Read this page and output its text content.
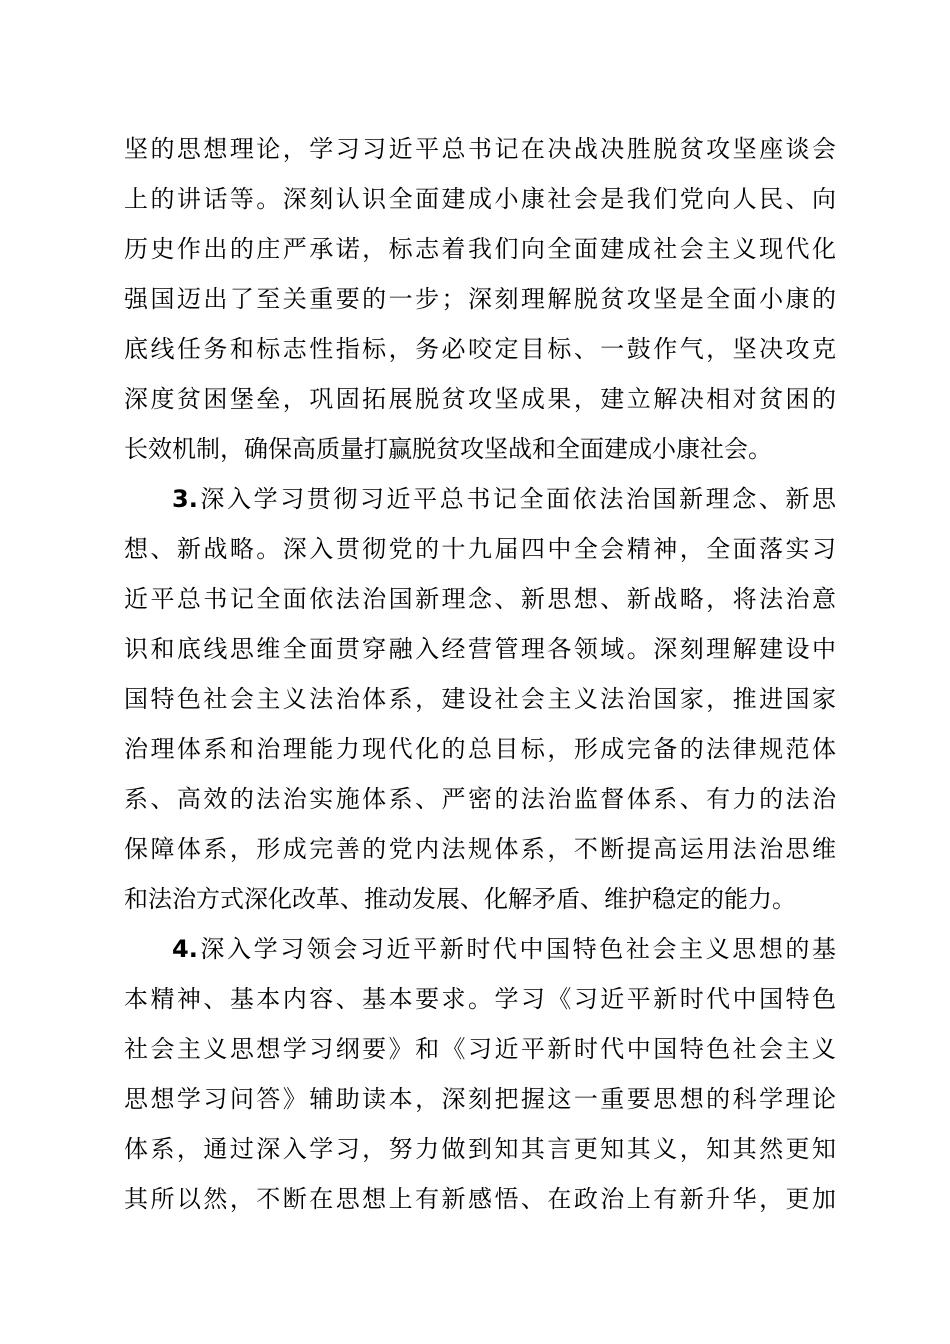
坚的思想理论，学习习近平总书记在决战决胜脱贫攻坚座谈会
上的讲话等。深刻认识全面建成小康社会是我们党向人民、向
历史作出的庄严承诺，标志着我们向全面建成社会主义现代化
强国迈出了至关重要的一步；深刻理解脱贫攻坚是全面小康的
底线任务和标志性指标，务必咬定目标、一鼓作气，坚决攻克
深度贫困堡垒，巩固拓展脱贫攻坚成果，建立解决相对贫困的
长效机制，确保高质量打赢脱贫攻坚战和全面建成小康社会。
3.深入学习贯彻习近平总书记全面依法治国新理念、新思
想、新战略。深入贯彻党的十九届四中全会精神，全面落实习
近平总书记全面依法治国新理念、新思想、新战略，将法治意
识和底线思维全面贯穿融入经营管理各领域。深刻理解建设中
国特色社会主义法治体系，建设社会主义法治国家，推进国家
治理体系和治理能力现代化的总目标，形成完备的法律规范体
系、高效的法治实施体系、严密的法治监督体系、有力的法治
保障体系，形成完善的党内法规体系，不断提高运用法治思维
和法治方式深化改革、推动发展、化解矛盾、维护稳定的能力。
4.深入学习领会习近平新时代中国特色社会主义思想的基
本精神、基本内容、基本要求。学习《习近平新时代中国特色
社会主义思想学习纲要》和《习近平新时代中国特色社会主义
思想学习问答》辅助读本，深刻把握这一重要思想的科学理论
体系，通过深入学习，努力做到知其言更知其义，知其然更知
其所以然，不断在思想上有新感悟、在政治上有新升华，更加
